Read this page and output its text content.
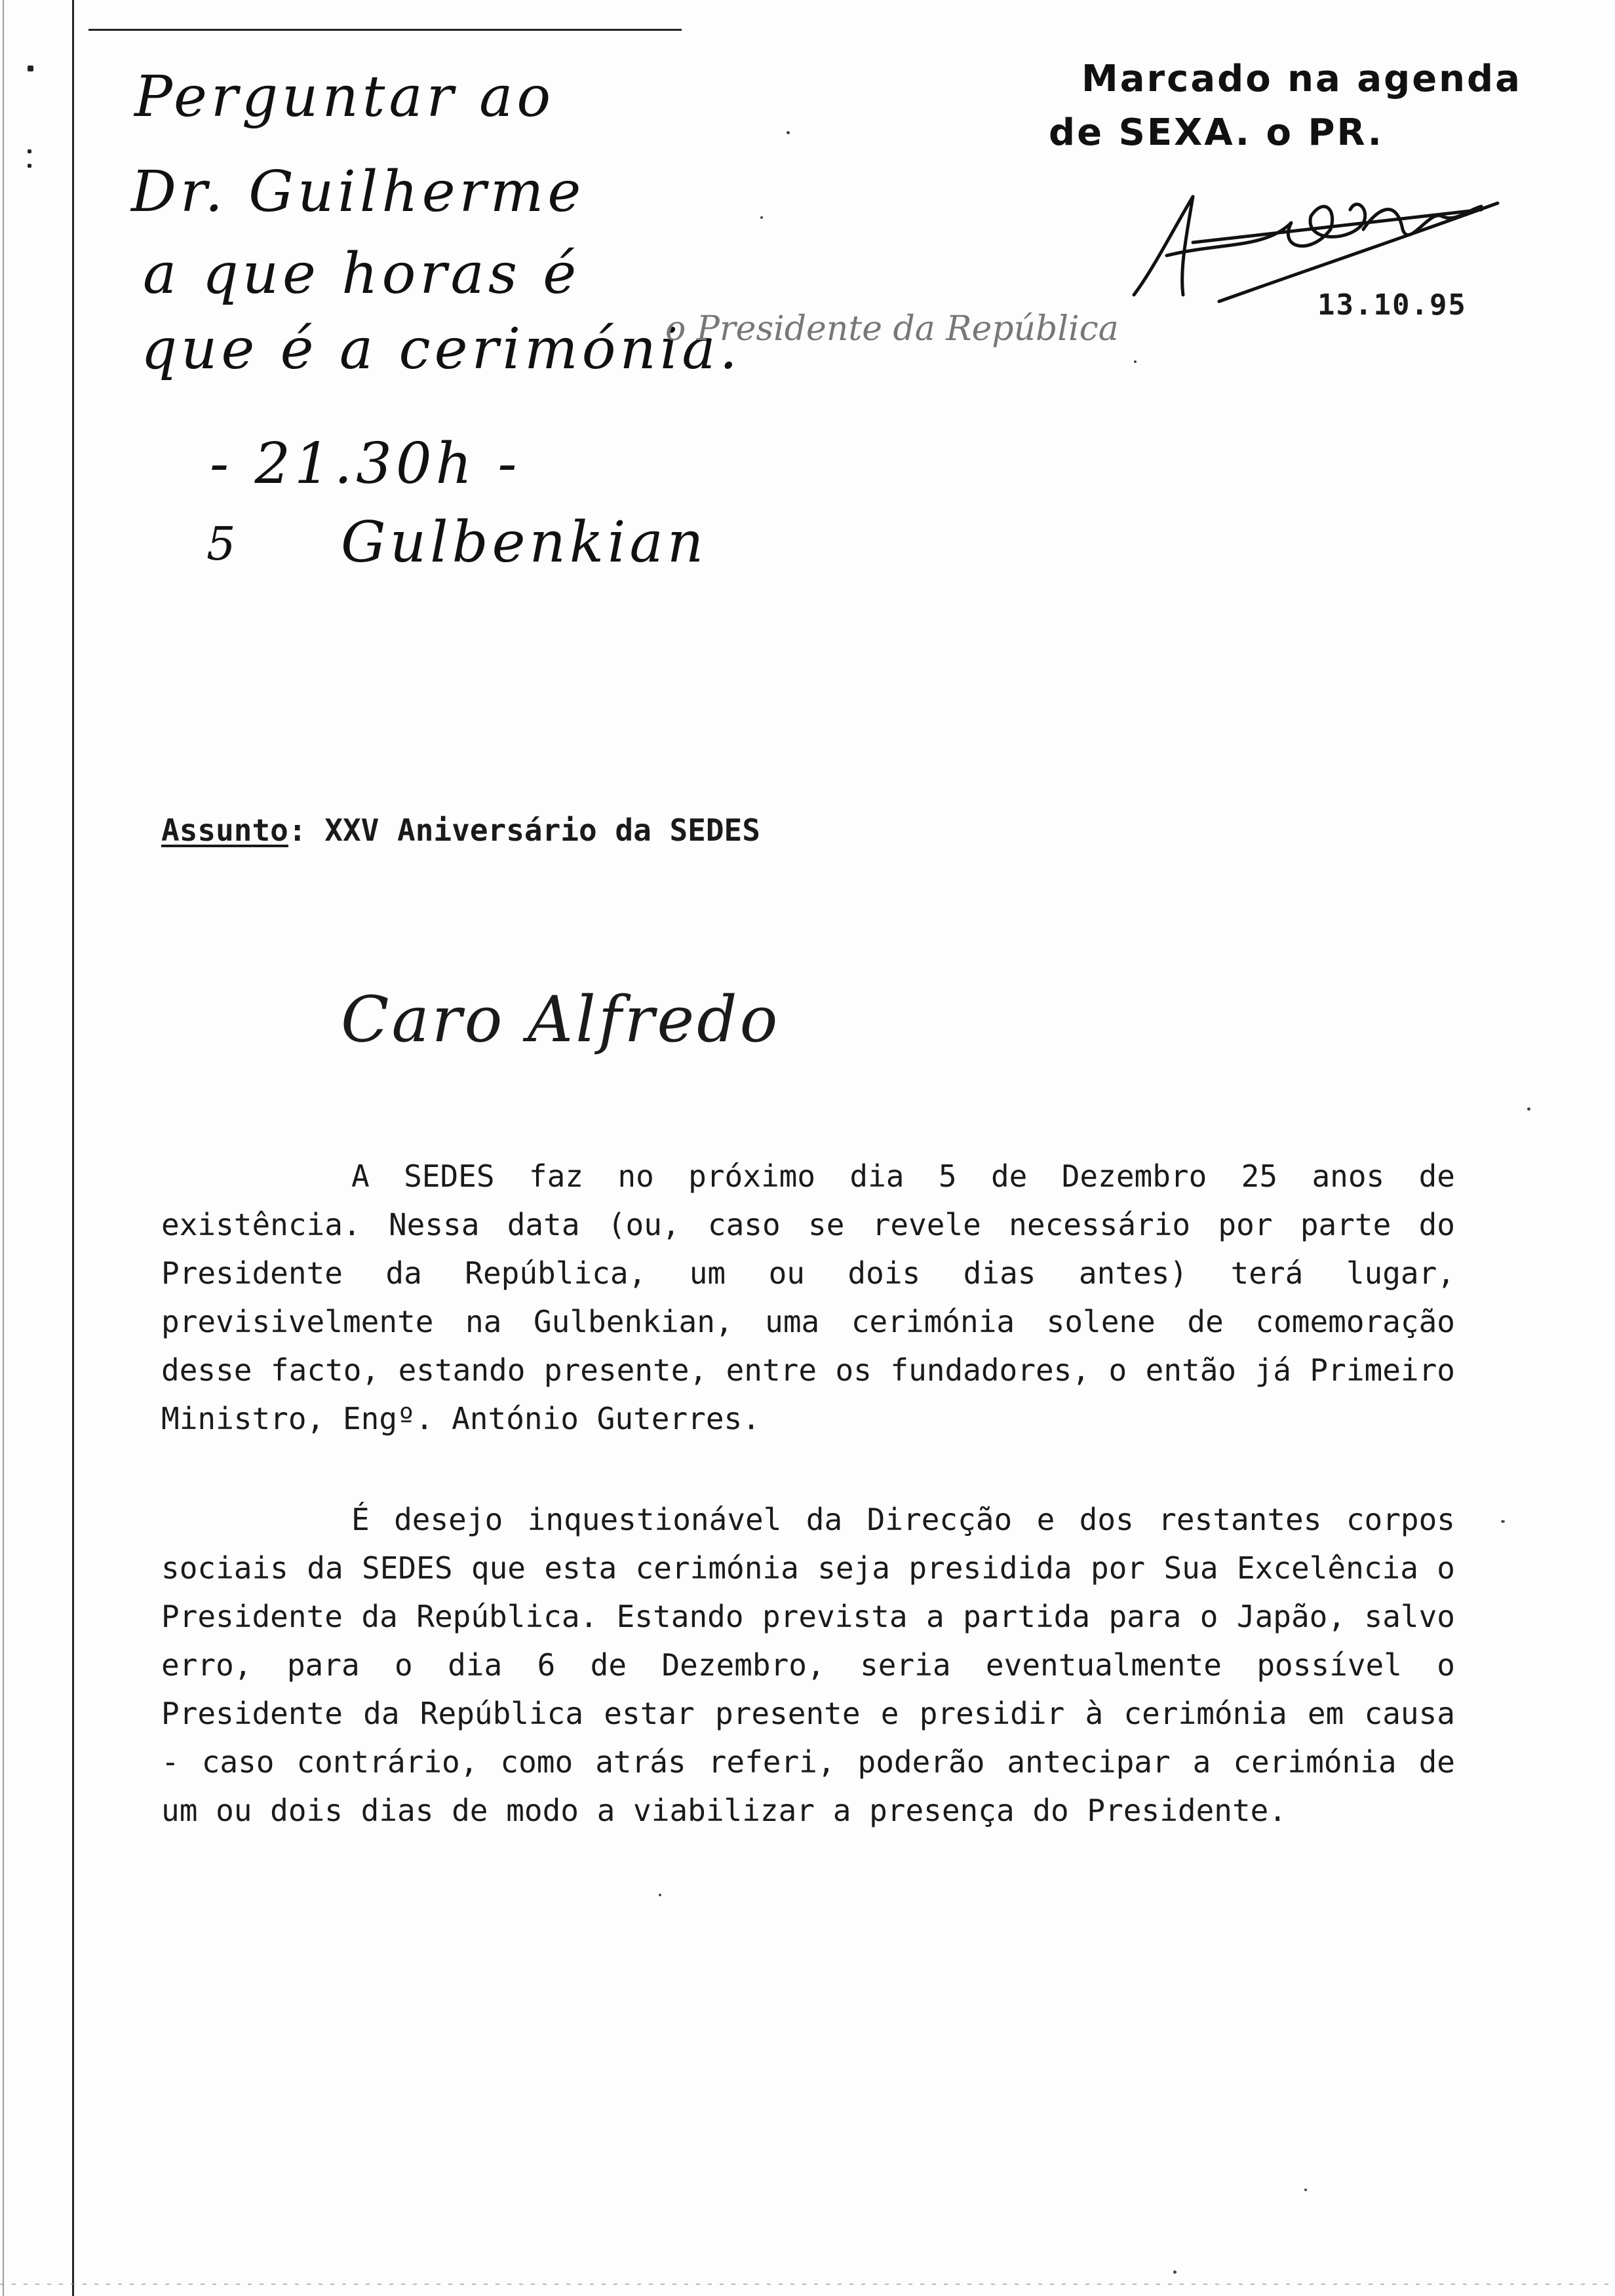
Perguntar ao
Dr. Guilherme
a que horas é
que é a cerimónia.
- 21.30h -
5 Gulbenkian
o Presidente da República
Marcado na agenda
de SEXA. o PR.
13.10.95
Assunto: XXV Aniversário da SEDES
Caro Alfredo
A SEDES faz no próximo dia 5 de Dezembro 25 anos de existência. Nessa data (ou, caso se revele necessário por parte do Presidente da República, um ou dois dias antes) terá lugar, previsivelmente na Gulbenkian, uma cerimónia solene de comemoração desse facto, estando presente, entre os fundadores, o então já Primeiro Ministro, Engº. António Guterres.
É desejo inquestionável da Direcção e dos restantes corpos sociais da SEDES que esta cerimónia seja presidida por Sua Excelência o Presidente da República. Estando prevista a partida para o Japão, salvo erro, para o dia 6 de Dezembro, seria eventualmente possível o Presidente da República estar presente e presidir à cerimónia em causa - caso contrário, como atrás referi, poderão antecipar a cerimónia de um ou dois dias de modo a viabilizar a presença do Presidente.
